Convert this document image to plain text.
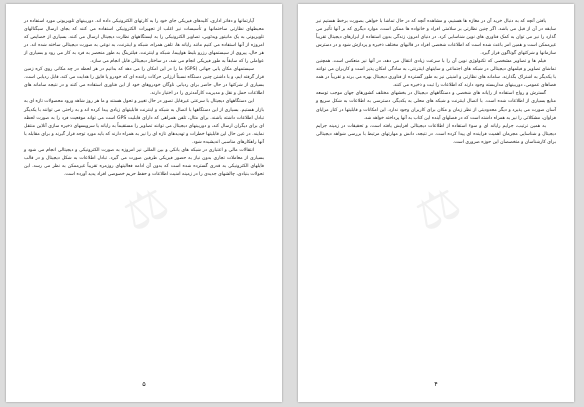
⚖

آپارتمانها و دفاتر اداری، کلیدهای فیزیکی جای خود را به کارتهای الکترونیکی داده اند. دوربینهای تلویزیونی مورد استفاده در محیطهای نظارتی ساختمانها و تأسیسات نیز اغلب از تجهیزات الکترونیکی استفاده می کنند که بجای ارسال سیگنالهای تلویزیونی به یک مانیتور ویدئویی، تصاویر الکترونیکی را به ایستگاههای نظارت دیجیتال ارسال می کنند. بسیاری از خصایص که امروزه از آنها استفاده می کنیم مانند رایانه ها، تلفن همراه، شبکه و اینترنت، به نوعی به صورت دیجیتالی ساخته شده اند. در هر حال، پیروی از سیستمهای رزرو بلیط هواپیما، شبکه و اینترنت، فیلترینگ به طور منحصر به فرد به کار می رود و بسیاری از عواملی را که سابقاً به طور فیزیکی انجام می شد، در ساختار دیجیتالی قابل انجام می سازد.

سیستمهای مکان یابی جهانی (GPS) ما را در این امکان را می دهد که بدانیم در هر لحظه در چه مکانی روی کره زمین قرار گرفته ایم، و با داشتن چنین دستگاه نسبتاً ارزانی حرکات راننده ای که خودرو یا قایق را هدایت می کند، قابل ردیابی است. بسیاری از شرکتها در حال حاضر برای ردیابی ناوگان خودروهای خود از این فناوری استفاده می کنند و در نتیجه سامانه های اطلاعات حمل و نقل و مدیریت کارآمدتری را در اختیار دارند.

این دستگاههای دیجیتال با سرعتی غیرقابل تصور در حال تغییر و تحول هستند و ما هر روز شاهد ورود محصولات تازه ای به بازار هستیم. بسیاری از این دستگاهها با اتصال به شبکه و اینترنت قابلیتهای زیادی پیدا کرده اند و به راحتی می توانند با یکدیگر تبادل اطلاعات داشته باشند. برای مثال، تلفن همراهی که دارای قابلیت GPS است می تواند موقعیت فرد را به صورت لحظه ای برای دیگران ارسال کند، و دوربینهای دیجیتال می توانند تصاویر را مستقیماً به رایانه یا سرویسهای ذخیره سازی آنلاین منتقل نمایند. در عین حال این قابلیتها خطرات و تهدیدهای تازه ای را نیز به همراه دارند که باید مورد توجه قرار گیرند و برای مقابله با آنها راهکارهای مناسبی اندیشیده شود.

انتقالات مالی و اعتباری در شبکه های بانکی و بین المللی نیز امروزه به صورت الکترونیکی و دیجیتالی انجام می شود و بسیاری از معاملات تجاری بدون نیاز به حضور فیزیکی طرفین صورت می گیرد. تبادل اطلاعات به شکل دیجیتال و در قالب فایلهای الکترونیکی به قدری گسترده شده است که بدون آن ادامه فعالیتهای روزمره تقریباً غیرممکن به نظر می رسد. این تحولات بنیادی، چالشهای جدیدی را در زمینه امنیت اطلاعات و حفظ حریم خصوصی افراد پدید آورده است.

۵
⚖

یافتن آنچه که به دنبال خرید آن در مغازه ها هستیم، و مشاهده آنچه که در حال تماشا با خواهی بصورت برخط هستیم نیز سابقه در آن از قبل می باشد. اگر چنین نظارتی بر سلامتی افراد و خانواده ها ممکن است، موارد دیگری که بر آنها تأثیر می گذارد را نیز می توان به کمک فناوری های نوین شناسایی کرد. در دنیای امروز، زندگی بدون استفاده از ابزارهای دیجیتال تقریباً غیرممکن است و همین امر باعث شده است که اطلاعات شخصی افراد در قالبهای مختلف ذخیره و پردازش شود و در دسترس سازمانها و شرکتهای گوناگون قرار گیرد.

فیلم ها و تصاویر مشخصی که تکنولوژی نوین آن را با سرعت زیادی انتقال می دهد، در آنها نیز منعکس است. همچنین تماشای تصاویر و فیلمهای دیجیتالی در شبکه های اجتماعی و سایتهای اینترنتی، به سادگی امکان پذیر است و کاربران می توانند با یکدیگر به اشتراک بگذارند. سامانه های نظارتی و امنیتی نیز به طور گسترده از فناوری دیجیتال بهره می برند و تقریباً در همه فضاهای عمومی، دوربینهای مداربسته وجود دارند که اطلاعات را ثبت و ذخیره می کنند.

گسترش و رواج استفاده از رایانه های شخصی و دستگاههای دیجیتال در بخشهای مختلف کشورهای جهان موجب توسعه منابع بسیاری از اطلاعات شده است. با اتصال اینترنت و شبکه های محلی به یکدیگر، دسترسی به اطلاعات به شکل سریع و آسان صورت می پذیرد و دیگر محدودیتی از نظر زمان و مکان برای کاربران وجود ندارد. این امکانات و قابلیتها در کنار مزایای فراوان، مشکلاتی را نیز به همراه داشته است که در فصلهای آینده این کتاب به آنها پرداخته خواهد شد.

به همین ترتیب، جرایم رایانه ای و سوء استفاده از اطلاعات دیجیتالی افزایش یافته است، و تحقیقات در زمینه جرایم دیجیتال و شناسایی مجرمان اهمیت فزاینده ای پیدا کرده است. در نتیجه، دانش و مهارتهای مرتبط با بررسی شواهد دیجیتالی برای کارشناسان و متخصصان این حوزه ضروری است.

۴
